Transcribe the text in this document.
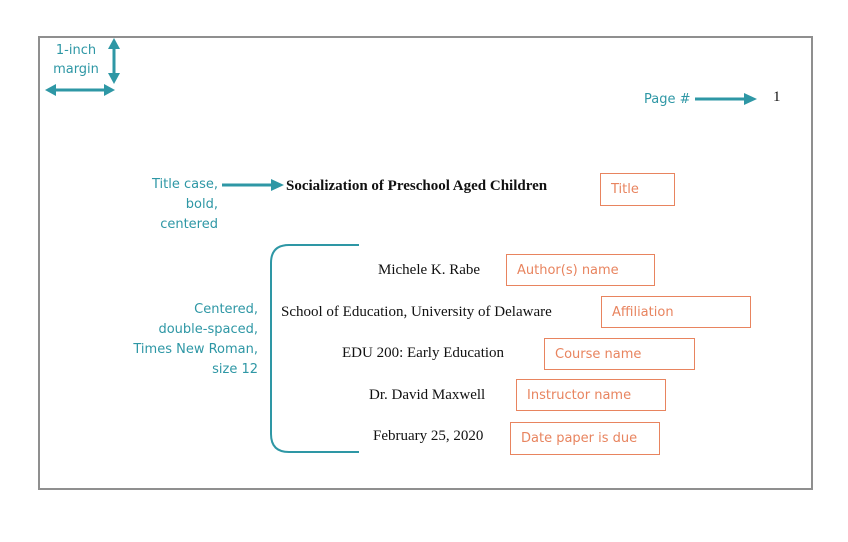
1-inch
margin
Page #	1
Title case,
bold,
centered
Centered,
double-spaced,
Times New Roman,
size 12
Socialization of Preschool Aged Children
Michele K. Rabe
School of Education, University of Delaware
EDU 200: Early Education
Dr. David Maxwell
February 25, 2020
Title
Author(s) name
Affiliation
Course name
Instructor name
Date paper is due
